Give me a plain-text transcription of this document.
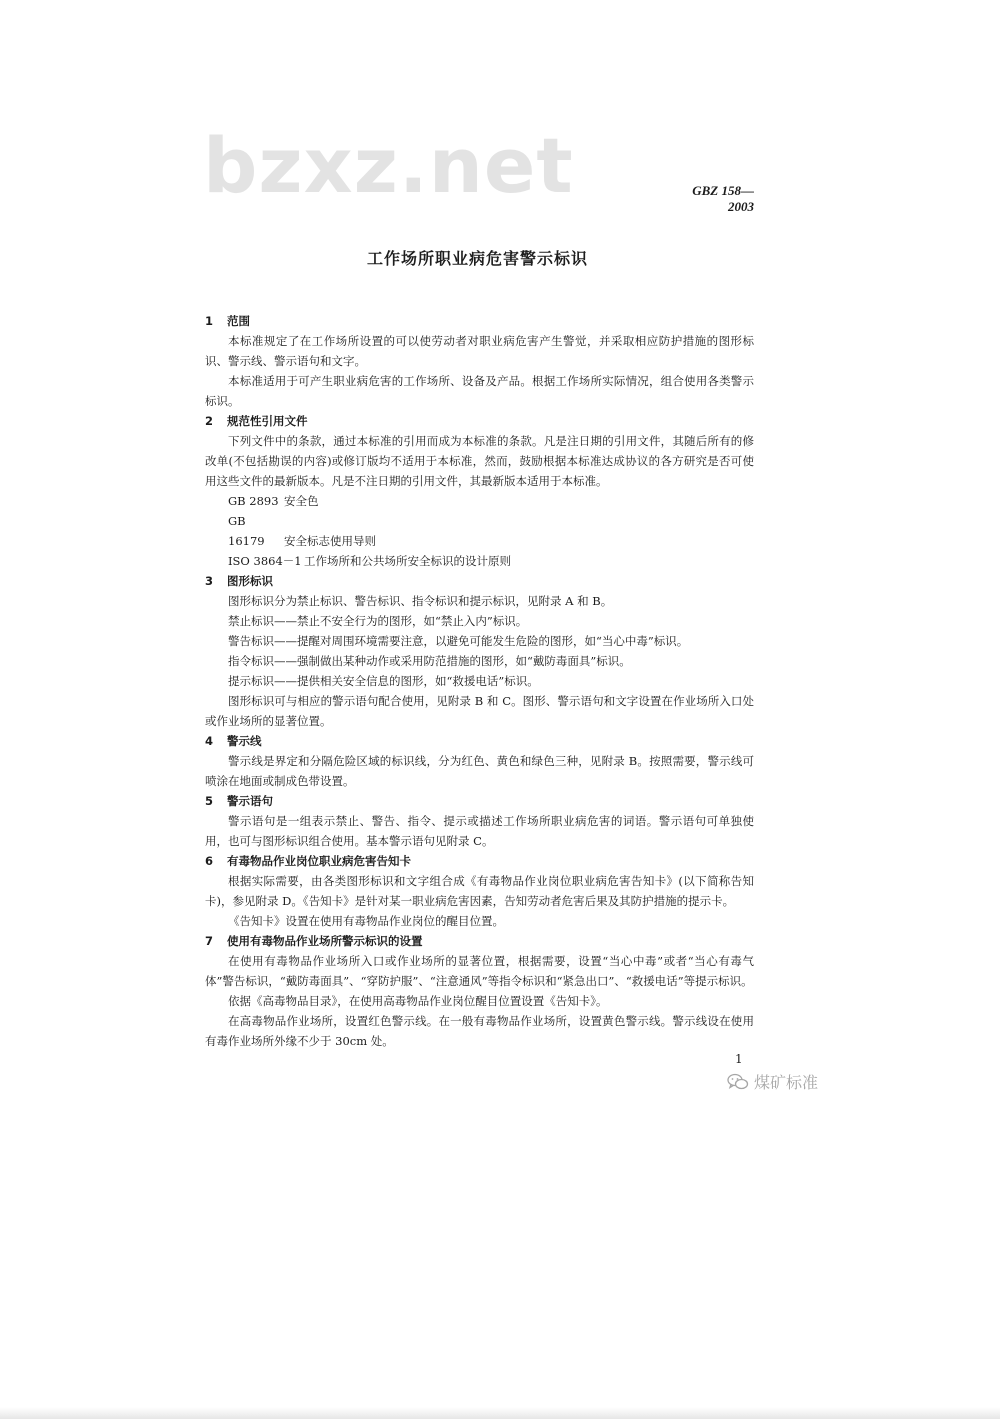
bzxz.net	GBZ 158—2003
工作场所职业病危害警示标识
1 范围

本标准规定了在工作场所设置的可以使劳动者对职业病危害产生警觉，并采取相应防护措施的图形标识、警示线、警示语句和文字。

本标准适用于可产生职业病危害的工作场所、设备及产品。根据工作场所实际情况，组合使用各类警示标识。

2 规范性引用文件

下列文件中的条款，通过本标准的引用而成为本标准的条款。凡是注日期的引用文件，其随后所有的修改单(不包括勘误的内容)或修订版均不适用于本标准，然而，鼓励根据本标准达成协议的各方研究是否可使用这些文件的最新版本。凡是不注日期的引用文件，其最新版本适用于本标准。

GB 2893 安全色

GB 16179 安全标志使用导则

ISO 3864－1 工作场所和公共场所安全标识的设计原则

3 图形标识

图形标识分为禁止标识、警告标识、指令标识和提示标识，见附录 A 和 B。

禁止标识——禁止不安全行为的图形，如“禁止入内”标识。

警告标识——提醒对周围环境需要注意，以避免可能发生危险的图形，如“当心中毒”标识。

指令标识——强制做出某种动作或采用防范措施的图形，如“戴防毒面具”标识。

提示标识——提供相关安全信息的图形，如“救援电话”标识。

图形标识可与相应的警示语句配合使用，见附录 B 和 C。图形、警示语句和文字设置在作业场所入口处或作业场所的显著位置。

4 警示线

警示线是界定和分隔危险区域的标识线，分为红色、黄色和绿色三种，见附录 B。按照需要，警示线可喷涂在地面或制成色带设置。

5 警示语句

警示语句是一组表示禁止、警告、指令、提示或描述工作场所职业病危害的词语。警示语句可单独使用，也可与图形标识组合使用。基本警示语句见附录 C。

6 有毒物品作业岗位职业病危害告知卡

根据实际需要，由各类图形标识和文字组合成《有毒物品作业岗位职业病危害告知卡》(以下简称告知卡)，参见附录 D。《告知卡》是针对某一职业病危害因素，告知劳动者危害后果及其防护措施的提示卡。

《告知卡》设置在使用有毒物品作业岗位的醒目位置。

7 使用有毒物品作业场所警示标识的设置

在使用有毒物品作业场所入口或作业场所的显著位置，根据需要，设置“当心中毒”或者“当心有毒气体”警告标识，“戴防毒面具”、“穿防护服”、“注意通风”等指令标识和“紧急出口”、“救援电话”等提示标识。

依据《高毒物品目录》，在使用高毒物品作业岗位醒目位置设置《告知卡》。

在高毒物品作业场所，设置红色警示线。在一般有毒物品作业场所，设置黄色警示线。警示线设在使用有毒作业场所外缘不少于 30cm 处。

1
煤矿标准
